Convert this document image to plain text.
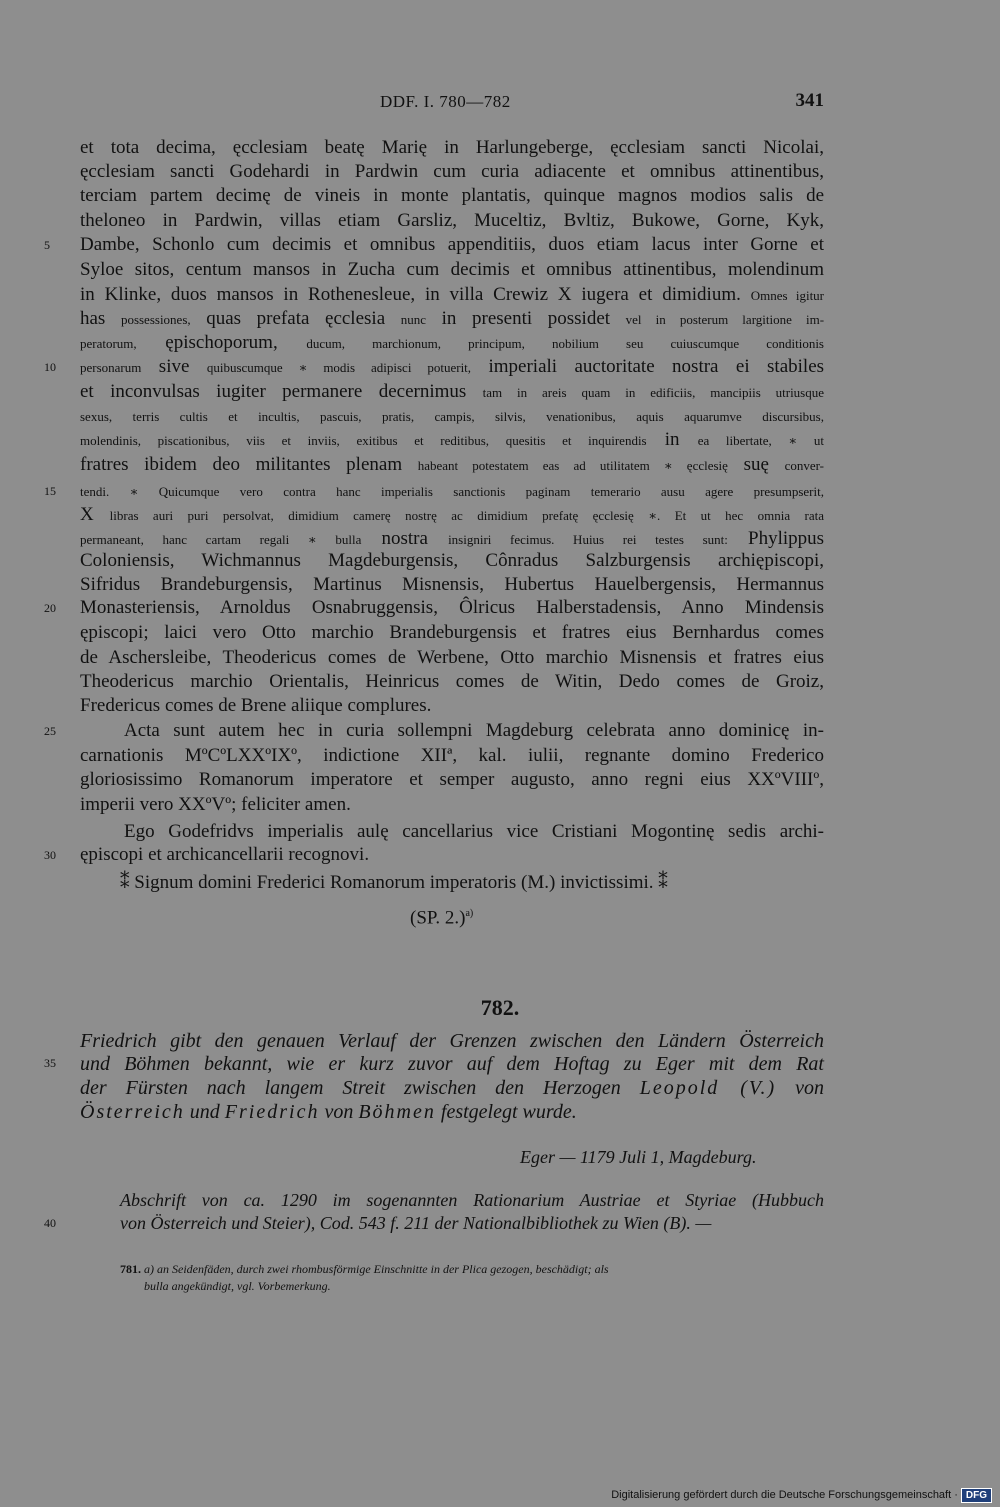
DDF. I. 780—782	341
5
10
15
20
25
30
35
40
et tota decima, ęcclesiam beatę Marię in Harlungeberge, ęcclesiam sancti Nicolai,
ęcclesiam sancti Godehardi in Pardwin cum curia adiacente et omnibus attinentibus,
terciam partem decimę de vineis in monte plantatis, quinque magnos modios salis de
theloneo in Pardwin, villas etiam Garsliz, Muceltiz, Bvltiz, Bukowe, Gorne, Kyk,
Dambe, Schonlo cum decimis et omnibus appenditiis, duos etiam lacus inter Gorne et
Syloe sitos, centum mansos in Zucha cum decimis et omnibus attinentibus, molendinum
in Klinke, duos mansos in Rothenesleue, in villa Crewiz X iugera et dimidium. Omnes igitur
has possessiones, quas prefata ęcclesia nunc in presenti possidet vel in posterum largitione im-
peratorum, ępischoporum, ducum, marchionum, principum, nobilium seu cuiuscumque conditionis
personarum sive quibuscumque ∗ modis adipisci potuerit, imperiali auctoritate nostra ei stabiles
et inconvulsas iugiter permanere decernimus tam in areis quam in edificiis, mancipiis utriusque
sexus, terris cultis et incultis, pascuis, pratis, campis, silvis, venationibus, aquis aquarumve discursibus,
molendinis, piscationibus, viis et inviis, exitibus et reditibus, quesitis et inquirendis in ea libertate, ∗ ut
fratres ibidem deo militantes plenam habeant potestatem eas ad utilitatem ∗ ęcclesię suę conver-
tendi. ∗ Quicumque vero contra hanc imperialis sanctionis paginam temerario ausu agere presumpserit,
X libras auri puri persolvat, dimidium camerę nostrę ac dimidium prefatę ęcclesię ∗. Et ut hec omnia rata
permaneant, hanc cartam regali ∗ bulla nostra insigniri fecimus. Huius rei testes sunt: Phylippus
Coloniensis, Wichmannus Magdeburgensis, Cônradus Salzburgensis archiępiscopi,
Sifridus Brandeburgensis, Martinus Misnensis, Hubertus Hauelbergensis, Hermannus
Monasteriensis, Arnoldus Osnabruggensis, Ôlricus Halberstadensis, Anno Mindensis
ępiscopi; laici vero Otto marchio Brandeburgensis et fratres eius Bernhardus comes
de Aschersleibe, Theodericus comes de Werbene, Otto marchio Misnensis et fratres eius
Theodericus marchio Orientalis, Heinricus comes de Witin, Dedo comes de Groiz,
Fredericus comes de Brene aliique complures.
Acta sunt autem hec in curia sollempni Magdeburg celebrata anno dominicę in-
carnationis MºCºLXXºIXº, indictione XIIª, kal. iulii, regnante domino Frederico
gloriosissimo Romanorum imperatore et semper augusto, anno regni eius XXºVIIIº,
imperii vero XXºVº; feliciter amen.
Ego Godefridvs imperialis aulę cancellarius vice Cristiani Mogontinę sedis archi-
ępiscopi et archicancellarii recognovi.
⁑ Signum domini Frederici Romanorum imperatoris (M.) invictissimi. ⁑
(SP. 2.)$^{a)}$
782.
Friedrich gibt den genauen Verlauf der Grenzen zwischen den Ländern Österreich
und Böhmen bekannt, wie er kurz zuvor auf dem Hoftag zu Eger mit dem Rat
der Fürsten nach langem Streit zwischen den Herzogen Leopold (V.) von
Österreich und Friedrich von Böhmen festgelegt wurde.
Eger — 1179 Juli 1, Magdeburg.
Abschrift von ca. 1290 im sogenannten Rationarium Austriae et Styriae (Hubbuch
von Österreich und Steier), Cod. 543 f. 211 der Nationalbibliothek zu Wien (B). —
781. a) an Seidenfäden, durch zwei rhombusförmige Einschnitte in der Plica gezogen, beschädigt; als
bulla angekündigt, vgl. Vorbemerkung.
Digitalisierung gefördert durch die Deutsche Forschungsgemeinschaft · DFG
